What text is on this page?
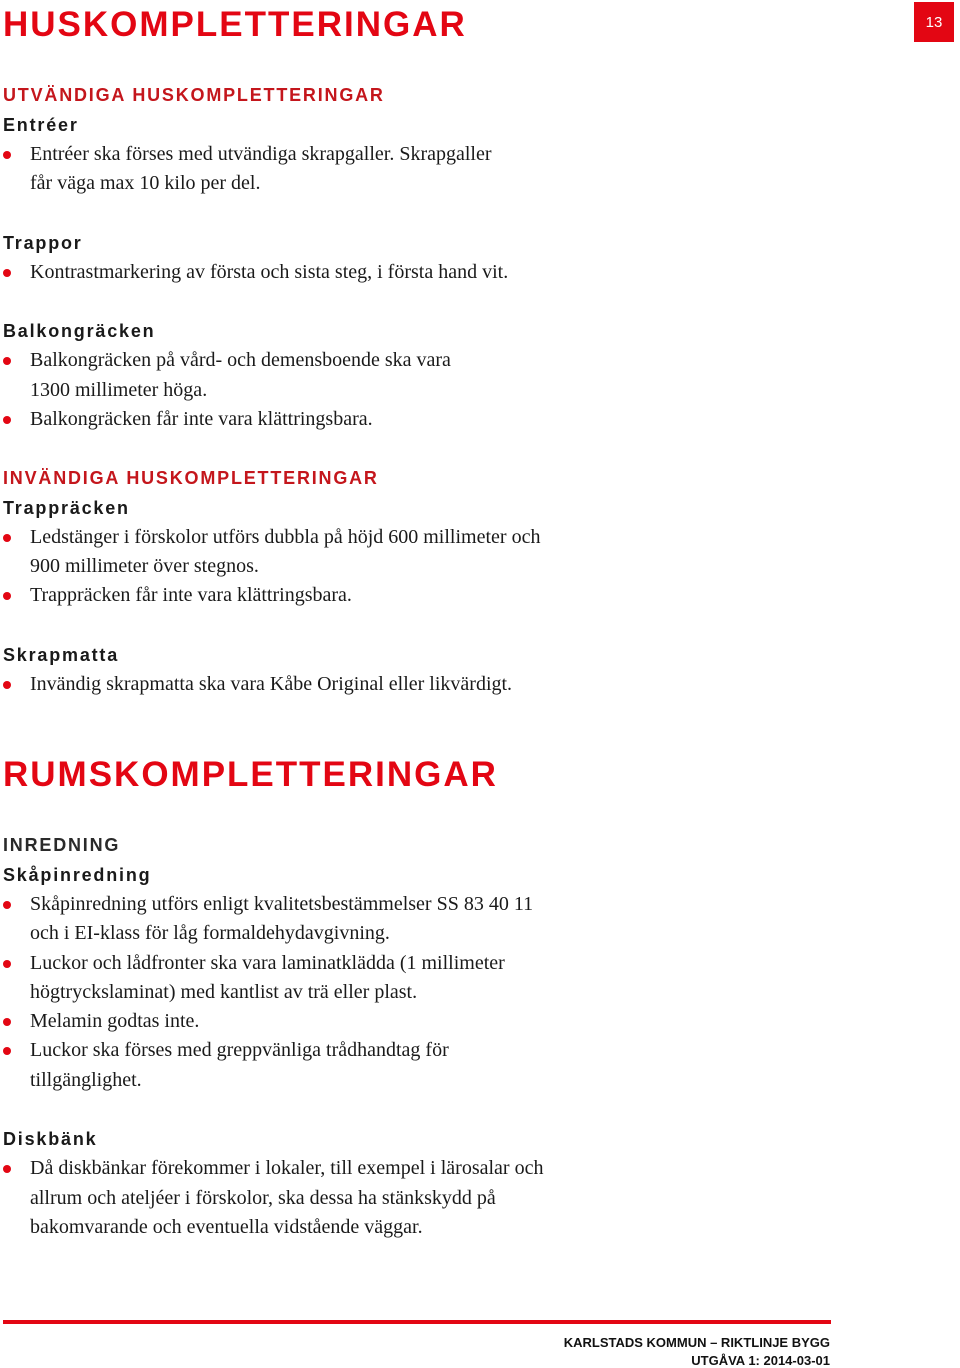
13
HUSKOMPLETTERINGAR
UTVÄNDIGA HUSKOMPLETTERINGAR
Entréer
Entréer ska förses med utvändiga skrapgaller. Skrapgaller får väga max 10 kilo per del.
Trappor
Kontrastmarkering av första och sista steg, i första hand vit.
Balkongräcken
Balkongräcken på vård- och demensboende ska vara 1300 millimeter höga.
Balkongräcken får inte vara klättringsbara.
INVÄNDIGA HUSKOMPLETTERINGAR
Trappräcken
Ledstänger i förskolor utförs dubbla på höjd 600 millimeter och 900 millimeter över stegnos.
Trappräcken får inte vara klättringsbara.
Skrapmatta
Invändig skrapmatta ska vara Kåbe Original eller likvärdigt.
RUMSKOMPLETTERINGAR
INREDNING
Skåpinredning
Skåpinredning utförs enligt kvalitetsbestämmelser SS 83 40 11 och i EI-klass för låg formaldehydavgivning.
Luckor och lådfronter ska vara laminatklädda (1 millimeter högtryckslaminat) med kantlist av trä eller plast.
Melamin godtas inte.
Luckor ska förses med greppvänliga trådhandtag för tillgänglighet.
Diskbänk
Då diskbänkar förekommer i lokaler, till exempel i lärosalar och allrum och ateljéer i förskolor, ska dessa ha stänkskydd på bakomvarande och eventuella vidstående väggar.
KARLSTADS KOMMUN – RIKTLINJE BYGG
UTGÅVA 1: 2014-03-01
